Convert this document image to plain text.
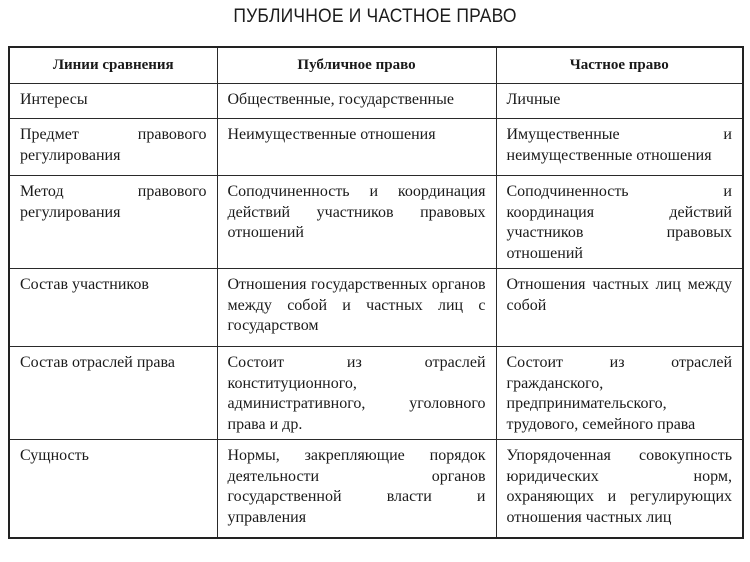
ПУБЛИЧНОЕ И ЧАСТНОЕ ПРАВО
Линии сравнения	Публичное право	Частное право

Интересы	Общественные, государственные	Личные

Предмет правового регулирования	Неимущественные отношения	Имущественные и неимущественные отношения

Метод правового регулирования	Соподчиненность и координация действий участников правовых отношений	Соподчиненность и координация действий участников правовых отношений

Состав участников	Отношения государственных органов между собой и частных лиц с государством	Отношения частных лиц между собой

Состав отраслей права	Состоит из отраслей конституционного, административного, уголовного права и др.	Состоит из отраслей гражданского, предпринимательского, трудового, семейного права

Сущность	Нормы, закрепляющие порядок деятельности органов государственной власти и управления	Упорядоченная совокупность юридических норм, охраняющих и регулирующих отношения частных лиц
